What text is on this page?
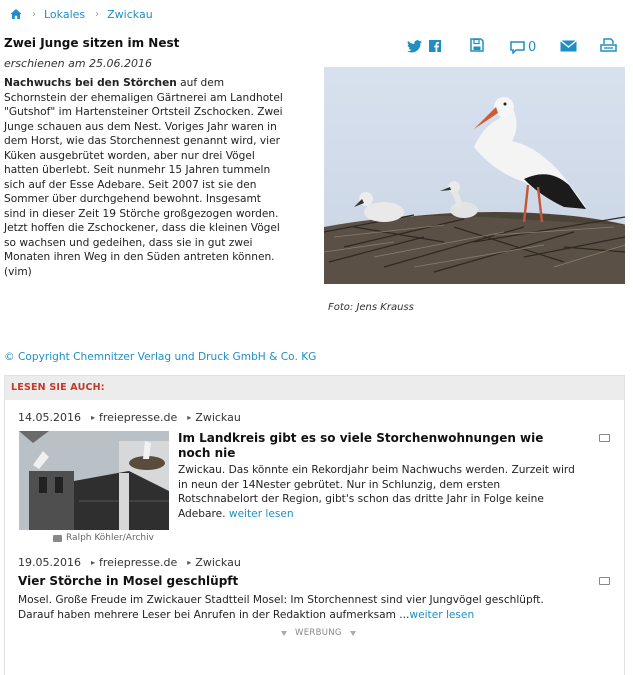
› Lokales › Zwickau
Zwei Junge sitzen im Nest
erschienen am 25.06.2016
0
Nachwuchs bei den Störchen auf dem
Schornstein der ehemaligen Gärtnerei am Landhotel
"Gutshof" im Hartensteiner Ortsteil Zschocken. Zwei
Junge schauen aus dem Nest. Voriges Jahr waren in
dem Horst, wie das Storchennest genannt wird, vier
Küken ausgebrütet worden, aber nur drei Vögel
hatten überlebt. Seit nunmehr 15 Jahren tummeln
sich auf der Esse Adebare. Seit 2007 ist sie den
Sommer über durchgehend bewohnt. Insgesamt
sind in dieser Zeit 19 Störche großgezogen worden.
Jetzt hoffen die Zschockener, dass die kleinen Vögel
so wachsen und gedeihen, dass sie in gut zwei
Monaten ihren Weg in den Süden antreten können.
(vim)
Foto: Jens Krauss
© Copyright Chemnitzer Verlag und Druck GmbH & Co. KG
LESEN SIE AUCH:
14.05.2016 ▸ freiepresse.de ▸ Zwickau
Ralph Köhler/Archiv
Im Landkreis gibt es so viele Storchenwohnungen wie
noch nie
Zwickau. Das könnte ein Rekordjahr beim Nachwuchs werden. Zurzeit wird
in neun der 14Nester gebrütet. Nur in Schlunzig, dem ersten
Rotschnabelort der Region, gibt's schon das dritte Jahr in Folge keine
Adebare. weiter lesen
19.05.2016 ▸ freiepresse.de ▸ Zwickau
Vier Störche in Mosel geschlüpft
Mosel. Große Freude im Zwickauer Stadtteil Mosel: Im Storchennest sind vier Jungvögel geschlüpft.
Darauf haben mehrere Leser bei Anrufen in der Redaktion aufmerksam ...weiter lesen
WERBUNG
